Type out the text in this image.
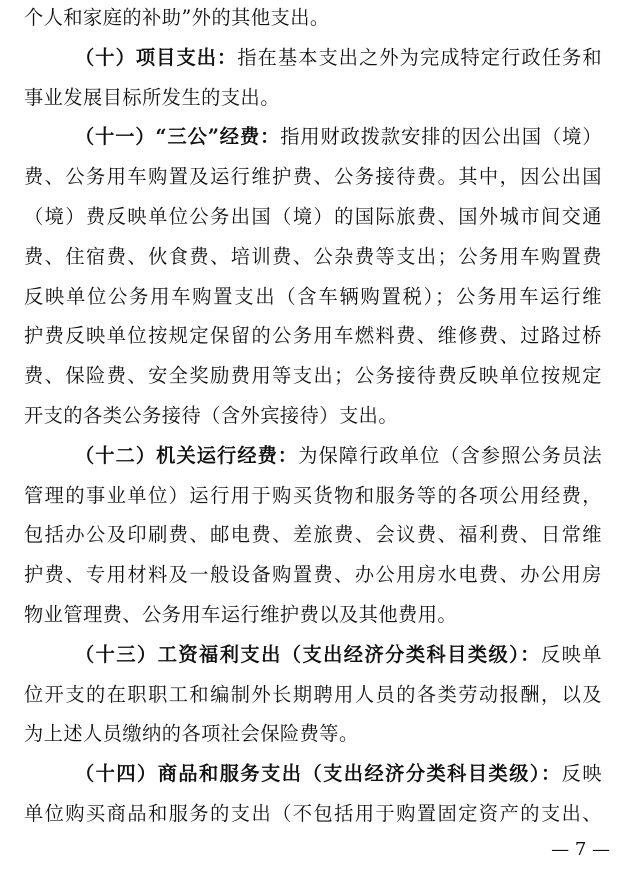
个人和家庭的补助”外的其他支出。
（十）项目支出：指在基本支出之外为完成特定行政任务和
事业发展目标所发生的支出。
（十一）“三公”经费：指用财政拨款安排的因公出国（境）
费、公务用车购置及运行维护费、公务接待费。其中，因公出国
（境）费反映单位公务出国（境）的国际旅费、国外城市间交通
费、住宿费、伙食费、培训费、公杂费等支出；公务用车购置费
反映单位公务用车购置支出（含车辆购置税）；公务用车运行维
护费反映单位按规定保留的公务用车燃料费、维修费、过路过桥
费、保险费、安全奖励费用等支出；公务接待费反映单位按规定
开支的各类公务接待（含外宾接待）支出。
（十二）机关运行经费：为保障行政单位（含参照公务员法
管理的事业单位）运行用于购买货物和服务等的各项公用经费，
包括办公及印刷费、邮电费、差旅费、会议费、福利费、日常维
护费、专用材料及一般设备购置费、办公用房水电费、办公用房
物业管理费、公务用车运行维护费以及其他费用。
（十三）工资福利支出（支出经济分类科目类级）：反映单
位开支的在职职工和编制外长期聘用人员的各类劳动报酬，以及
为上述人员缴纳的各项社会保险费等。
（十四）商品和服务支出（支出经济分类科目类级）：反映
单位购买商品和服务的支出（不包括用于购置固定资产的支出、
— 7 —
